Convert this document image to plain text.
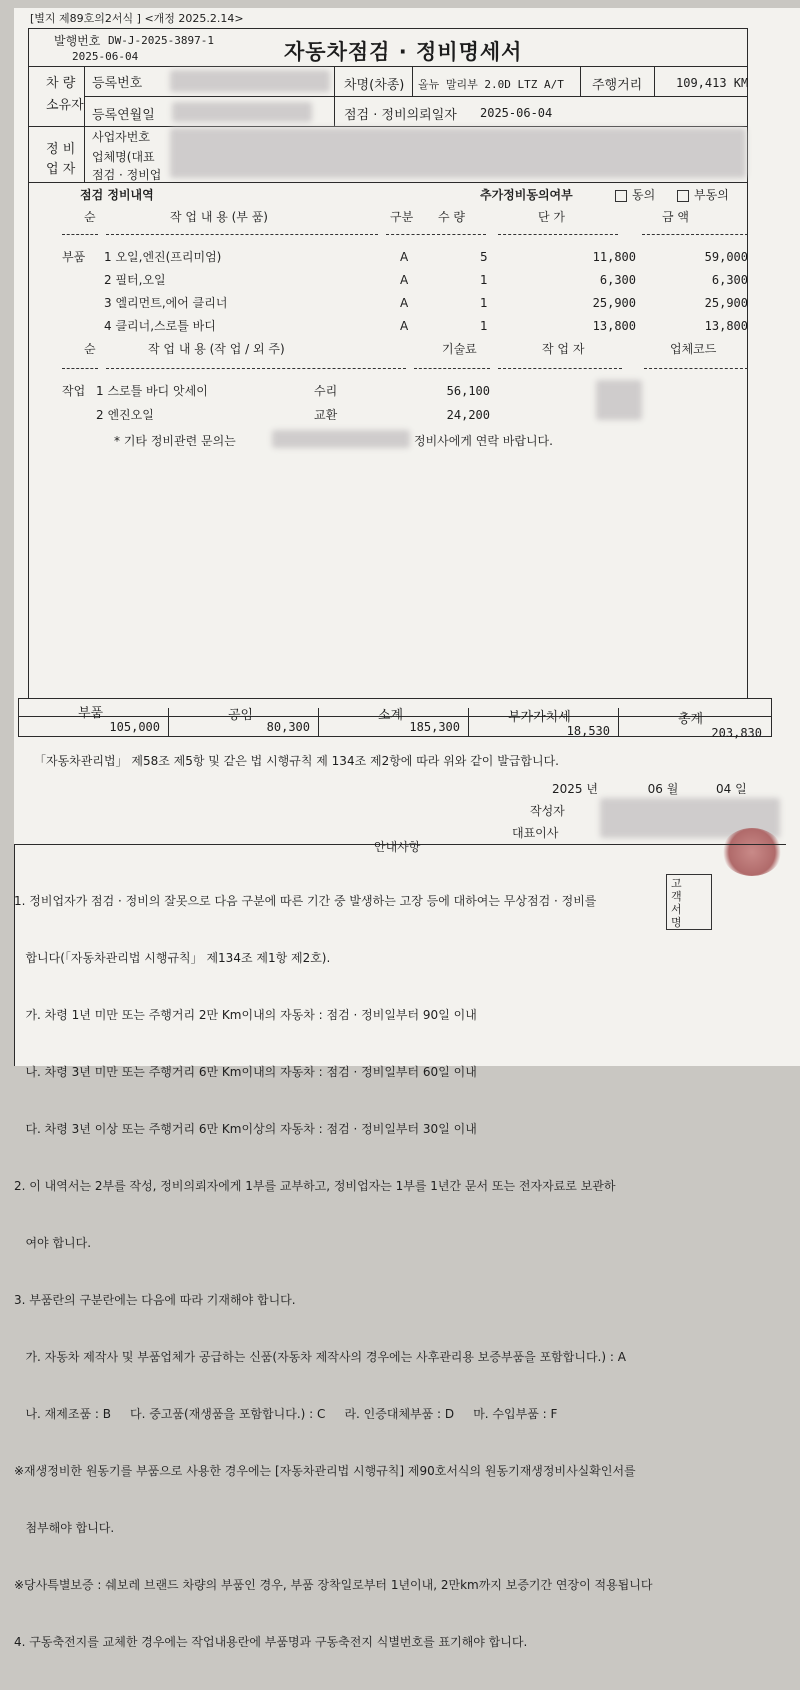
[별지 제89호의2서식 ] <개정 2025.2.14>
발행번호 DW-J-2025-3897-1
2025-06-04	자동차점검 · 정비명세서
차 량
소유자
등록번호	차명(차종) 올뉴 말리부 2.0D LTZ A/T 주행거리	109,413 KM
등록연월일	점검 · 정비의뢰일자 2025-06-04
정 비
업 자
사업자번호
업체명(대표
점검 · 정비업
점검 정비내역	추가정비동의여부	동의	부동의
순	작 업 내 용 (부 품)	구분 수 량	단 가	금 액
부품 1 오일,엔진(프리미엄)	A	5	11,800	59,000
2 필터,오일	A	1	6,300	6,300
3 엘리먼트,에어 클리너	A	1	25,900	25,900
4 클리너,스로틀 바디	A	1	13,800	13,800
순	작 업 내 용 (작 업 / 외 주)	기술료	작 업 자	업체코드
작업 1 스로틀 바디 앗세이	수리	56,100
2 엔진오일	교환	24,200
* 기타 정비관련 문의는	정비사에게 연락 바랍니다.
부품	공임	소계	부가가치세	총계
105,000	80,300	185,300	18,530	203,830
「자동차관리법」 제58조 제5항 및 같은 법 시행규칙 제 134조 제2항에 따라 위와 같이 발급합니다.
2025 년	06 월	04 일
작성자
대표이사
안내사항

1. 정비업자가 점검 · 정비의 잘못으로 다음 구분에 따른 기간 중 발생하는 고장 등에 대하여는 무상점검 · 정비를

합니다(「자동차관리법 시행규칙」 제134조 제1항 제2호).

가. 차령 1년 미만 또는 주행거리 2만 Km이내의 자동차 : 점검 · 정비일부터 90일 이내

나. 차령 3년 미만 또는 주행거리 6만 Km이내의 자동차 : 점검 · 정비일부터 60일 이내

다. 차령 3년 이상 또는 주행거리 6만 Km이상의 자동차 : 점검 · 정비일부터 30일 이내

2. 이 내역서는 2부를 작성, 정비의뢰자에게 1부를 교부하고, 정비업자는 1부를 1년간 문서 또는 전자자료로 보관하

여야 합니다.

3. 부품란의 구분란에는 다음에 따라 기재해야 합니다.

가. 자동차 제작사 및 부품업체가 공급하는 신품(자동차 제작사의 경우에는 사후관리용 보증부품을 포함합니다.) : A

나. 재제조품 : B     다. 중고품(재생품을 포함합니다.) : C     라. 인증대체부품 : D     마. 수입부품 : F

※재생정비한 원동기를 부품으로 사용한 경우에는 [자동차관리법 시행규칙] 제90호서식의 원동기재생정비사실확인서를

첨부해야 합니다.

※당사특별보증 : 쉐보레 브랜드 차량의 부품인 경우, 부품 장착일로부터 1년이내, 2만km까지 보증기간 연장이 적용됩니다

4. 구동축전지를 교체한 경우에는 작업내용란에 부품명과 구동축전지 식별번호를 표기해야 합니다.

고객서명
